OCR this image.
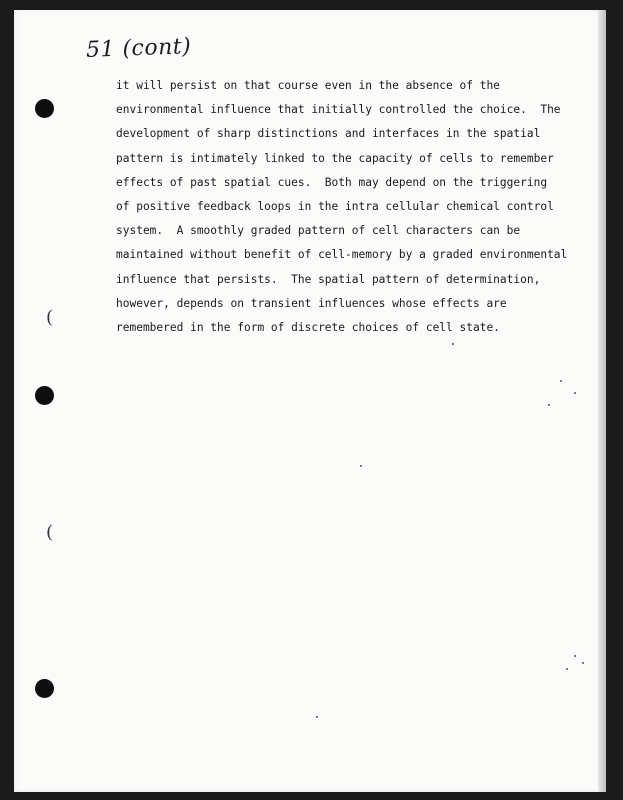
(
(
51 (cont)
it will persist on that course even in the absence of the
environmental influence that initially controlled the choice.  The
development of sharp distinctions and interfaces in the spatial
pattern is intimately linked to the capacity of cells to remember
effects of past spatial cues.  Both may depend on the triggering
of positive feedback loops in the intra cellular chemical control
system.  A smoothly graded pattern of cell characters can be
maintained without benefit of cell-memory by a graded environmental
influence that persists.  The spatial pattern of determination,
however, depends on transient influences whose effects are
remembered in the form of discrete choices of cell state.
